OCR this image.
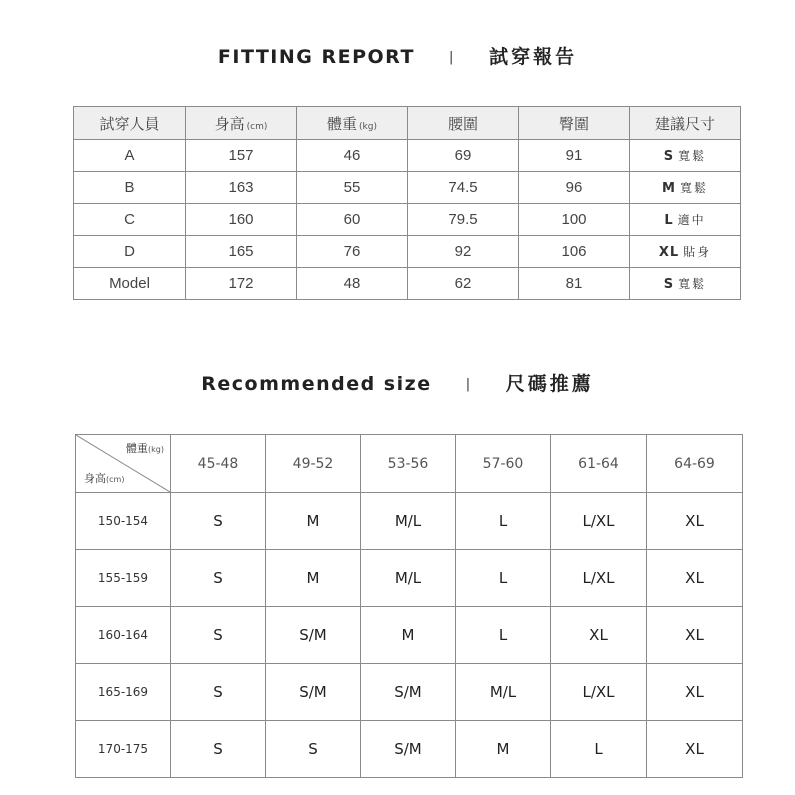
FITTING REPORT	| 試穿報告
試穿人員	身高 (cm)	體重 (kg)	腰圍	臀圍	建議尺寸
A	157	46	69	91	S 寬鬆
B	163	55	74.5	96	M 寬鬆
C	160	60	79.5	100	L 適中
D	165	76	92	106	XL 貼身
Model	172	48	62	81	S 寬鬆
Recommended size	| 尺碼推薦
體重(kg)
身高(cm)	45-48	49-52	53-56	57-60	61-64	64-69
150-154	S	M	M/L	L	L/XL	XL
155-159	S	M	M/L	L	L/XL	XL
160-164	S	S/M	M	L	XL	XL
165-169	S	S/M	S/M	M/L	L/XL	XL
170-175	S	S	S/M	M	L	XL
